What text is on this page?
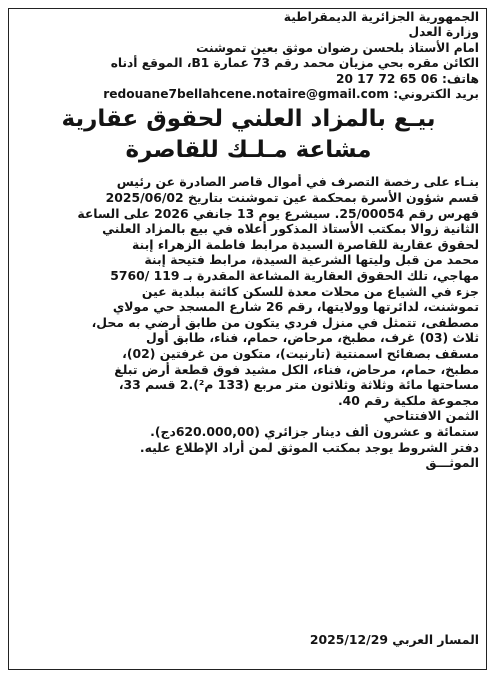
الجمهورية الجزائرية الديمقراطية
وزارة العدل
امام الأستاذ بلحسن رضوان موثق بعين تموشنت
الكائن مقره بحي مزيان محمد رقم 73 عمارة B1، الموقع أدناه
هاتف: 20 17 72 65 06
بريد الكتروني: redouane7bellahcene.notaire@gmail.com
بيـع بالمزاد العلني لحقوق عقارية
مشاعة مـلـك للقاصرة
بنـاء على رخصة التصرف في أموال قاصر الصادرة عن رئيس
قسم شؤون الأسرة بمحكمة عين تموشنت بتاريخ 2025/06/02
فهرس رقم 25/00054. سيشرع يوم 13 جانفي 2026 على الساعة
الثانية زوالا بمكتب الأستاذ المذكور أعلاه في بيع بالمزاد العلني
لحقوق عقارية للقاصرة السيدة مرابط فاطمة الزهراء إبنة
محمد من قبل وليتها الشرعية السيدة، مرابط فتيحة إبنة
مهاجي، تلك الحقوق العقارية المشاعة المقدرة بـ 119 /5760
جزء في الشياع من محلات معدة للسكن كائنة ببلدية عين
تموشنت، لدائرتها وولايتها، رقم 26 شارع المسجد حي مولاي
مصطفى، تتمثل في منزل فردي يتكون من طابق أرضي به محل،
ثلاث (03) غرف، مطبخ، مرحاض، حمام، فناء، طابق أول
مسقف بصفائح اسمنتية (تارنيت)، متكون من غرفتين (02)،
مطبخ، حمام، مرحاض، فناء، الكل مشيد فوق قطعة أرض تبلغ
مساحتها مائة وثلاثة وثلاثون متر مربع (133 م²).2 قسم 33،
مجموعة ملكية رقم 40.
الثمن الافتتاحي
ستمائة و عشرون ألف دينار جزائري (620.000,00دج).
دفتر الشروط يوجد بمكتب الموثق لمن أراد الإطلاع عليه.
الموثـــق
المسار العربي 2025/12/29
